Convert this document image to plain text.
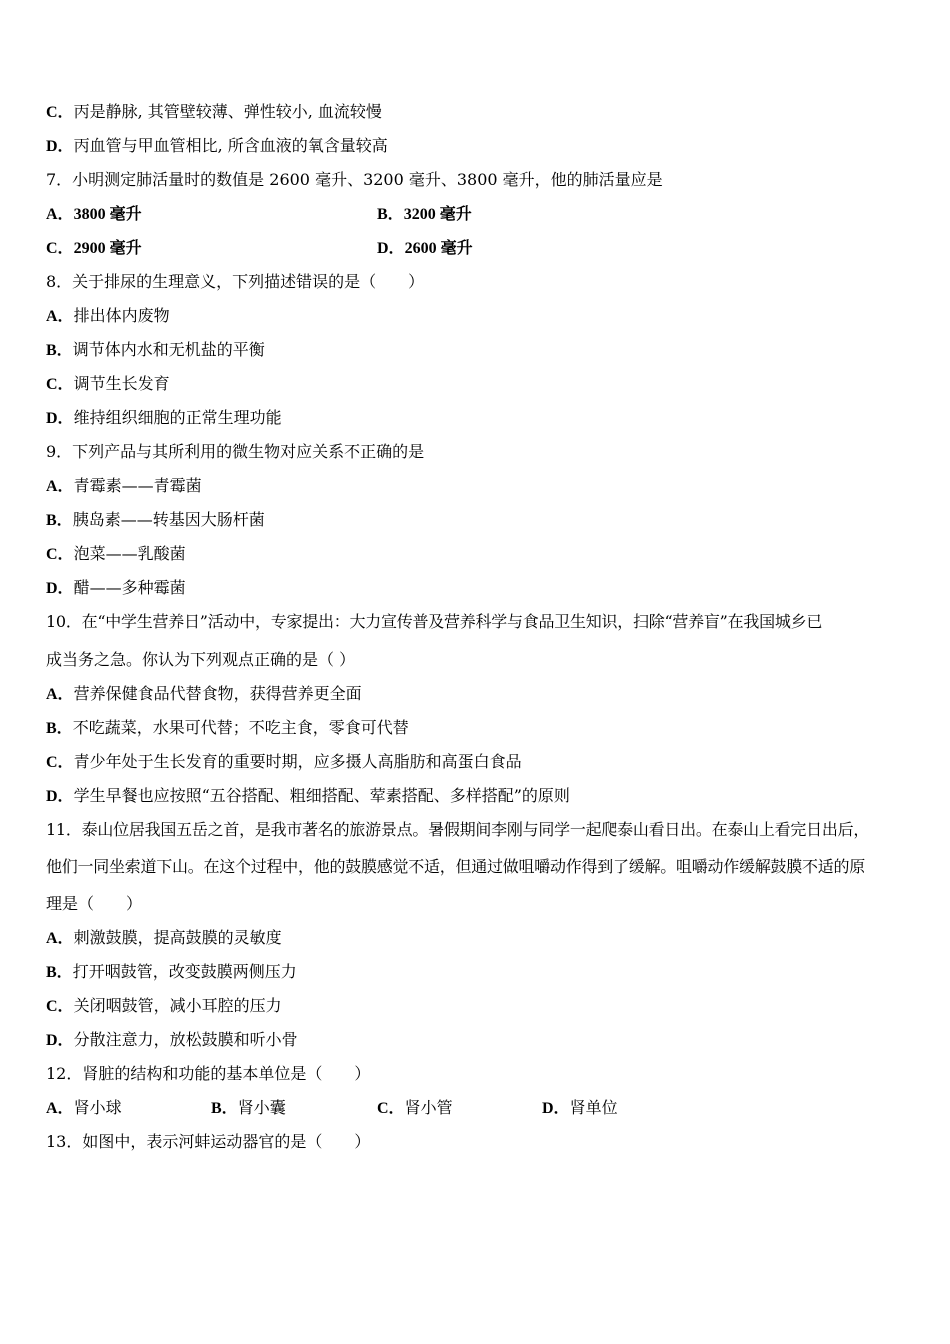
C．丙是静脉, 其管壁较薄、弹性较小, 血流较慢
D．丙血管与甲血管相比, 所含血液的氧含量较高
7．小明测定肺活量时的数值是 2600 毫升、3200 毫升、3800 毫升，他的肺活量应是
A．3800 毫升	B．3200 毫升
C．2900 毫升	D．2600 毫升
8．关于排尿的生理意义，下列描述错误的是（　　）
A．排出体内废物
B．调节体内水和无机盐的平衡
C．调节生长发育
D．维持组织细胞的正常生理功能
9．下列产品与其所利用的微生物对应关系不正确的是
A．青霉素——青霉菌
B．胰岛素——转基因大肠杆菌
C．泡菜——乳酸菌
D．醋——多种霉菌
10．在“中学生营养日”活动中，专家提出：大力宣传普及营养科学与食品卫生知识，扫除“营养盲”在我国城乡已
成当务之急。你认为下列观点正确的是（ ）
A．营养保健食品代替食物，获得营养更全面
B．不吃蔬菜，水果可代替；不吃主食，零食可代替
C．青少年处于生长发育的重要时期，应多摄人高脂肪和高蛋白食品
D．学生早餐也应按照“五谷搭配、粗细搭配、荤素搭配、多样搭配”的原则
11．泰山位居我国五岳之首，是我市著名的旅游景点。暑假期间李刚与同学一起爬泰山看日出。在泰山上看完日出后，
他们一同坐索道下山。在这个过程中，他的鼓膜感觉不适，但通过做咀嚼动作得到了缓解。咀嚼动作缓解鼓膜不适的原
理是（　　）
A．刺激鼓膜，提高鼓膜的灵敏度
B．打开咽鼓管，改变鼓膜两侧压力
C．关闭咽鼓管，减小耳腔的压力
D．分散注意力，放松鼓膜和听小骨
12．肾脏的结构和功能的基本单位是（　　）
A．肾小球	B．肾小囊	C．肾小管	D．肾单位
13．如图中，表示河蚌运动器官的是（　　）
